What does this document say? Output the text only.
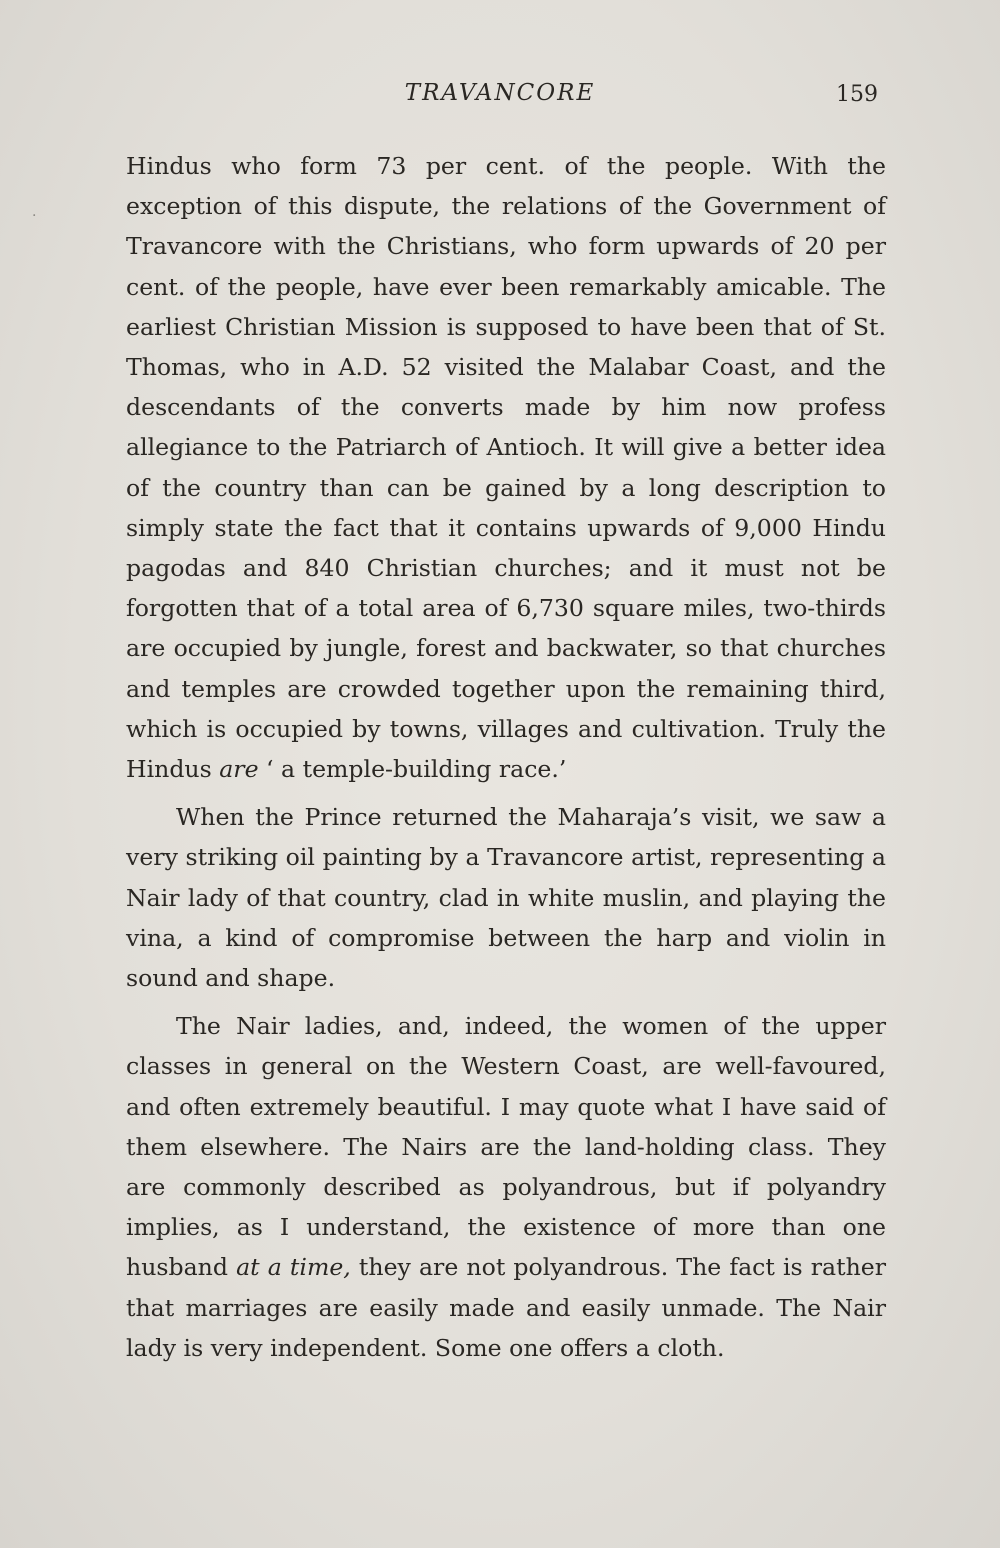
·
TRAVANCORE	159

Hindus who form 73 per cent. of the people. With the exception of this dispute, the relations of the Government of Travancore with the Christians, who form upwards of 20 per cent. of the people, have ever been remarkably amicable. The earliest Christian Mission is supposed to have been that of St. Thomas, who in A.D. 52 visited the Malabar Coast, and the descendants of the converts made by him now profess allegiance to the Patriarch of Antioch. It will give a better idea of the country than can be gained by a long description to simply state the fact that it contains upwards of 9,000 Hindu pagodas and 840 Christian churches; and it must not be forgotten that of a total area of 6,730 square miles, two-thirds are occupied by jungle, forest and backwater, so that churches and temples are crowded together upon the remaining third, which is occupied by towns, villages and cultivation. Truly the Hindus are ‘ a temple-building race.’

When the Prince returned the Maharaja’s visit, we saw a very striking oil painting by a Travancore artist, representing a Nair lady of that country, clad in white muslin, and playing the vina, a kind of compromise between the harp and violin in sound and shape.

The Nair ladies, and, indeed, the women of the upper classes in general on the Western Coast, are well-favoured, and often extremely beautiful. I may quote what I have said of them elsewhere. The Nairs are the land-holding class. They are commonly described as polyandrous, but if polyandry implies, as I understand, the existence of more than one husband at a time, they are not polyandrous. The fact is rather that marriages are easily made and easily unmade. The Nair lady is very independent. Some one offers a cloth.
